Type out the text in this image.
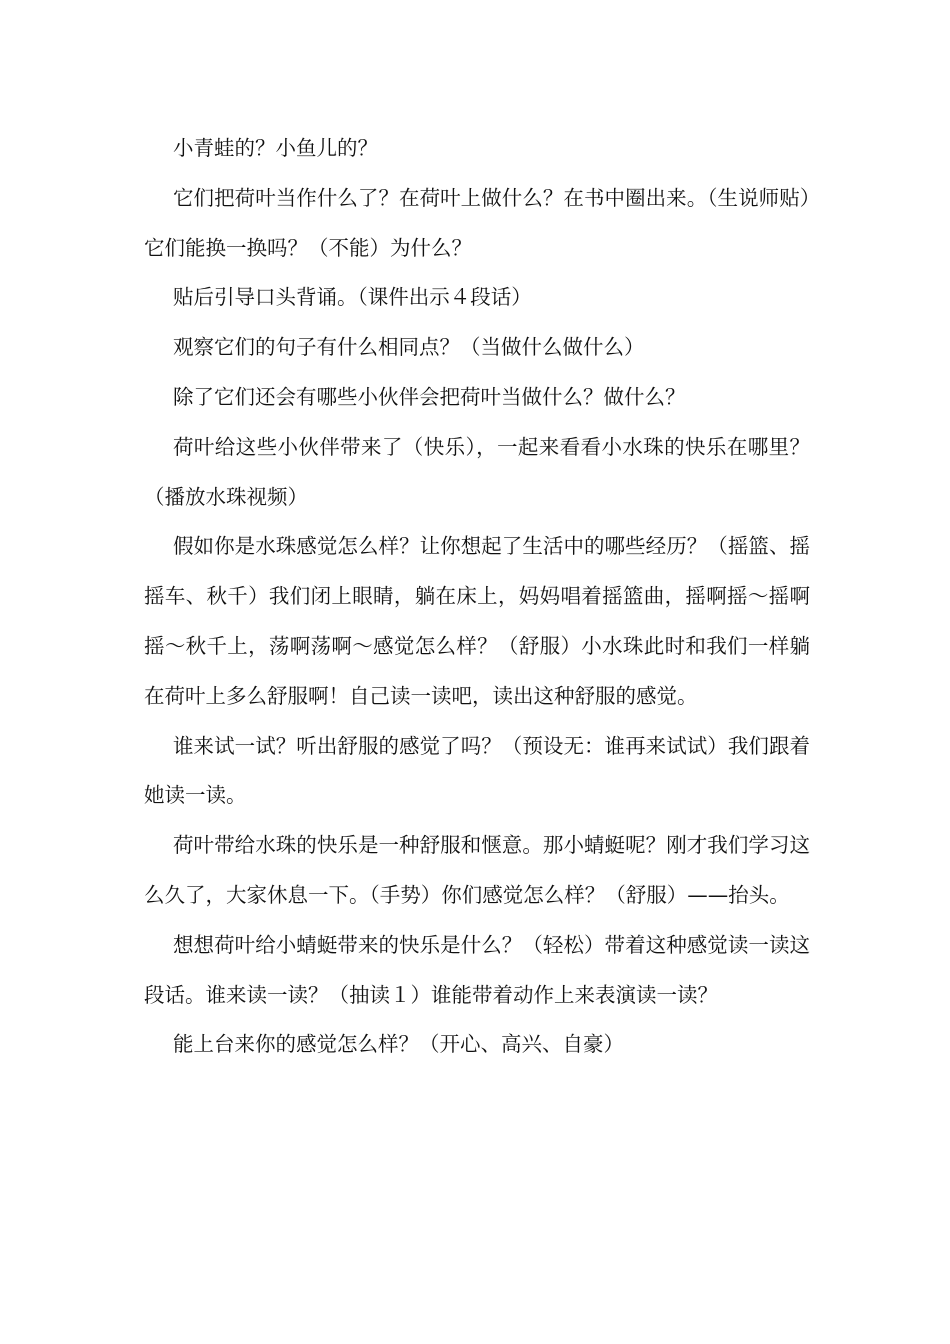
小青蛙的？小鱼儿的？

它们把荷叶当作什么了？在荷叶上做什么？在书中圈出来。（生说师贴）它们能换一换吗？（不能）为什么？

贴后引导口头背诵。（课件出示４段话）

观察它们的句子有什么相同点？（当做什么做什么）

除了它们还会有哪些小伙伴会把荷叶当做什么？做什么？

荷叶给这些小伙伴带来了（快乐），一起来看看小水珠的快乐在哪里？（播放水珠视频）

假如你是水珠感觉怎么样？让你想起了生活中的哪些经历？（摇篮、摇摇车、秋千）我们闭上眼睛，躺在床上，妈妈唱着摇篮曲，摇啊摇～摇啊摇～秋千上，荡啊荡啊～感觉怎么样？（舒服）小水珠此时和我们一样躺在荷叶上多么舒服啊！自己读一读吧，读出这种舒服的感觉。

谁来试一试？听出舒服的感觉了吗？（预设无：谁再来试试）我们跟着她读一读。

荷叶带给水珠的快乐是一种舒服和惬意。那小蜻蜓呢？刚才我们学习这么久了，大家休息一下。（手势）你们感觉怎么样？（舒服）——抬头。

想想荷叶给小蜻蜓带来的快乐是什么？（轻松）带着这种感觉读一读这段话。谁来读一读？（抽读１）谁能带着动作上来表演读一读？

能上台来你的感觉怎么样？（开心、高兴、自豪）
